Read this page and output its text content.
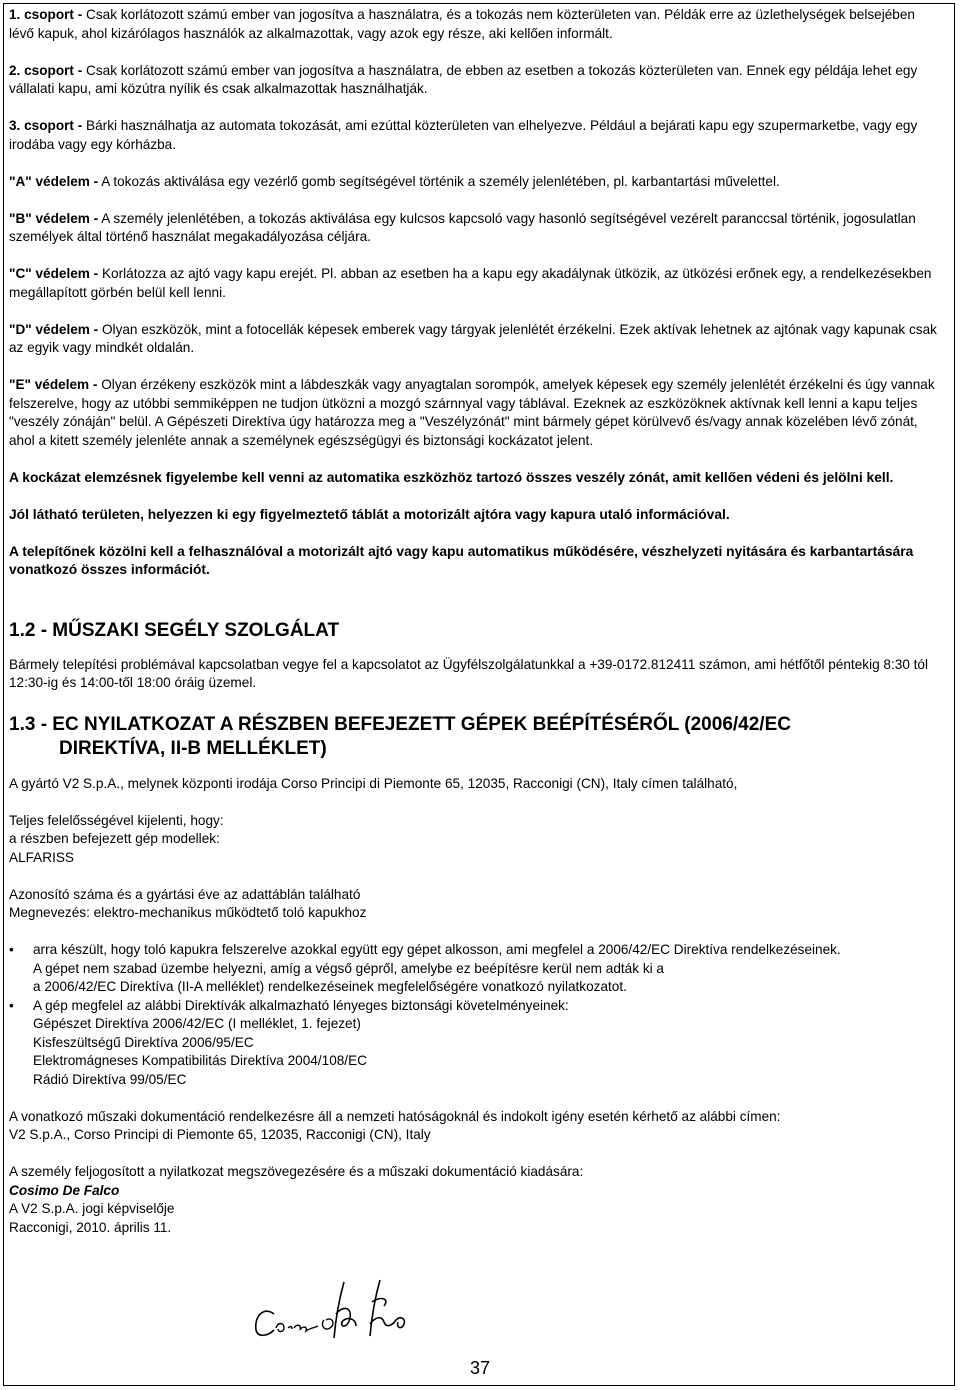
1. csoport - Csak korlátozott számú ember van jogosítva a használatra, és a tokozás nem közterületen van. Példák erre az üzlethelységek belsejében lévő kapuk, ahol kizárólagos használók az alkalmazottak, vagy azok egy része, aki kellően informált.

2. csoport - Csak korlátozott számú ember van jogosítva a használatra, de ebben az esetben a tokozás közterületen van. Ennek egy példája lehet egy vállalati kapu, ami közútra nyílik és csak alkalmazottak használhatják.

3. csoport - Bárki használhatja az automata tokozását, ami ezúttal közterületen van elhelyezve. Például a bejárati kapu egy szupermarketbe, vagy egy irodába vagy egy kórházba.

"A" védelem - A tokozás aktiválása egy vezérlő gomb segítségével történik a személy jelenlétében, pl. karbantartási művelettel.

"B" védelem - A személy jelenlétében, a tokozás aktiválása egy kulcsos kapcsoló vagy hasonló segítségével vezérelt paranccsal történik, jogosulatlan személyek által történő használat megakadályozása céljára.

"C" védelem - Korlátozza az ajtó vagy kapu erejét. Pl. abban az esetben ha a kapu egy akadálynak ütközik, az ütközési erőnek egy, a rendelkezésekben megállapított görbén belül kell lenni.

"D" védelem - Olyan eszközök, mint a fotocellák képesek emberek vagy tárgyak jelenlétét érzékelni. Ezek aktívak lehetnek az ajtónak vagy kapunak csak az egyik vagy mindkét oldalán.

"E" védelem - Olyan érzékeny eszközök mint a lábdeszkák vagy anyagtalan sorompók, amelyek képesek egy személy jelenlétét érzékelni és úgy vannak felszerelve, hogy az utóbbi semmiképpen ne tudjon ütközni a mozgó szárnnyal vagy táblával. Ezeknek az eszközöknek aktívnak kell lenni a kapu teljes "veszély zónáján" belül. A Gépészeti Direktíva úgy határozza meg a "Veszélyzónát" mint bármely gépet körülvevő és/vagy annak közelében lévő zónát, ahol a kitett személy jelenléte annak a személynek egészségügyi és biztonsági kockázatot jelent.

A kockázat elemzésnek figyelembe kell venni az automatika eszközhöz tartozó összes veszély zónát, amit kellően védeni és jelölni kell.

Jól látható területen, helyezzen ki egy figyelmeztető táblát a motorizált ajtóra vagy kapura utaló információval.

A telepítőnek közölni kell a felhasználóval a motorizált ajtó vagy kapu automatikus működésére, vészhelyzeti nyitására és karbantartására vonatkozó összes információt.

1.2 - MŰSZAKI SEGÉLY SZOLGÁLAT

Bármely telepítési problémával kapcsolatban vegye fel a kapcsolatot az Ügyfélszolgálatunkkal a +39-0172.812411 számon, ami hétfőtől péntekig 8:30 tól 12:30-ig és 14:00-től 18:00 óráig üzemel.

1.3 - EC NYILATKOZAT A RÉSZBEN BEFEJEZETT GÉPEK BEÉPÍTÉSÉRŐL (2006/42/EC
DIREKTÍVA, II-B MELLÉKLET)

A gyártó V2 S.p.A., melynek központi irodája Corso Principi di Piemonte 65, 12035, Racconigi (CN), Italy címen található,

Teljes felelősségével kijelenti, hogy:

a részben befejezett gép modellek:

ALFARISS

Azonosító száma és a gyártási éve az adattáblán található

Megnevezés: elektro-mechanikus működtető toló kapukhoz

• arra készült, hogy toló kapukra felszerelve azokkal együtt egy gépet alkosson, ami megfelel a 2006/42/EC Direktíva rendelkezéseinek.
A gépet nem szabad üzembe helyezni, amíg a végső gépről, amelybe ez beépítésre kerül nem adták ki a
a 2006/42/EC Direktíva (II-A melléklet) rendelkezéseinek megfelelőségére vonatkozó nyilatkozatot.
• A gép megfelel az alábbi Direktívák alkalmazható lényeges biztonsági követelményeinek:
Gépészet Direktíva 2006/42/EC (I melléklet, 1. fejezet)
Kisfeszültségű Direktíva 2006/95/EC
Elektromágneses Kompatibilitás Direktíva 2004/108/EC
Rádió Direktíva 99/05/EC

A vonatkozó műszaki dokumentáció rendelkezésre áll a nemzeti hatóságoknál és indokolt igény esetén kérhető az alábbi címen:

V2 S.p.A., Corso Principi di Piemonte 65, 12035, Racconigi (CN), Italy

A személy feljogosított a nyilatkozat megszövegezésére és a műszaki dokumentáció kiadására:

Cosimo De Falco

A V2 S.p.A. jogi képviselője

Racconigi, 2010. április 11.

37
